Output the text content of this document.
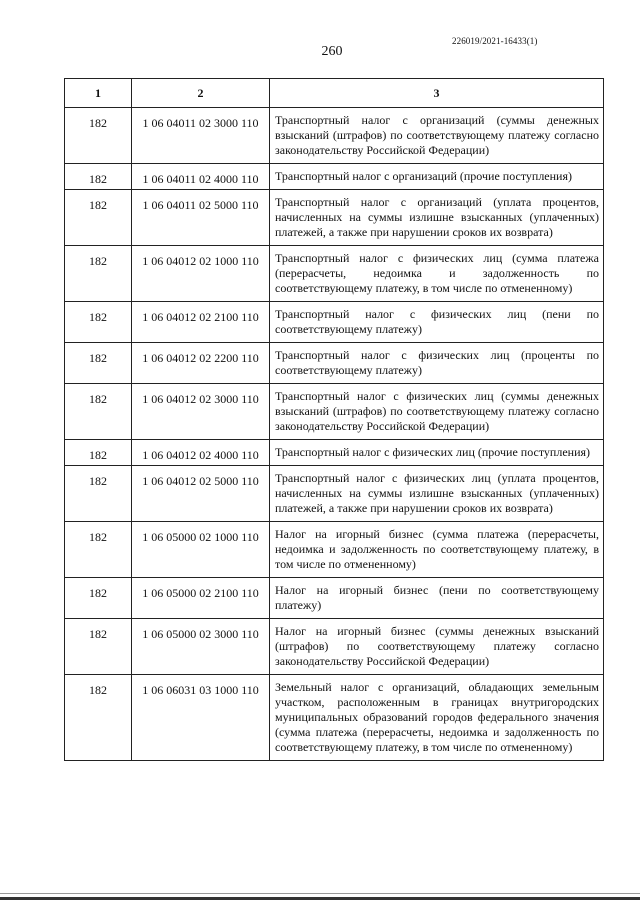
226019/2021-16433(1)
260
1	2	3
182	1 06 04011 02 3000 110	Транспортный налог с организаций (суммы денежных взысканий (штрафов) по соответствующему платежу согласно законодательству Российской Федерации)
182	1 06 04011 02 4000 110	Транспортный налог с организаций (прочие поступления)
182	1 06 04011 02 5000 110	Транспортный налог с организаций (уплата процентов, начисленных на суммы излишне взысканных (уплаченных) платежей, а также при нарушении сроков их возврата)
182	1 06 04012 02 1000 110	Транспортный налог с физических лиц (сумма платежа (перерасчеты, недоимка и задолженность по соответствующему платежу, в том числе по отмененному)
182	1 06 04012 02 2100 110	Транспортный налог с физических лиц (пени по соответствующему платежу)
182	1 06 04012 02 2200 110	Транспортный налог с физических лиц (проценты по соответствующему платежу)
182	1 06 04012 02 3000 110	Транспортный налог с физических лиц (суммы денежных взысканий (штрафов) по соответствующему платежу согласно законодательству Российской Федерации)
182	1 06 04012 02 4000 110	Транспортный налог с физических лиц (прочие поступления)
182	1 06 04012 02 5000 110	Транспортный налог с физических лиц (уплата процентов, начисленных на суммы излишне взысканных (уплаченных) платежей, а также при нарушении сроков их возврата)
182	1 06 05000 02 1000 110	Налог на игорный бизнес (сумма платежа (перерасчеты, недоимка и задолженность по соответствующему платежу, в том числе по отмененному)
182	1 06 05000 02 2100 110	Налог на игорный бизнес (пени по соответствующему платежу)
182	1 06 05000 02 3000 110	Налог на игорный бизнес (суммы денежных взысканий (штрафов) по соответствующему платежу согласно законодательству Российской Федерации)
182	1 06 06031 03 1000 110	Земельный налог с организаций, обладающих земельным участком, расположенным в границах внутригородских муниципальных образований городов федерального значения (сумма платежа (перерасчеты, недоимка и задолженность по соответствующему платежу, в том числе по отмененному)
